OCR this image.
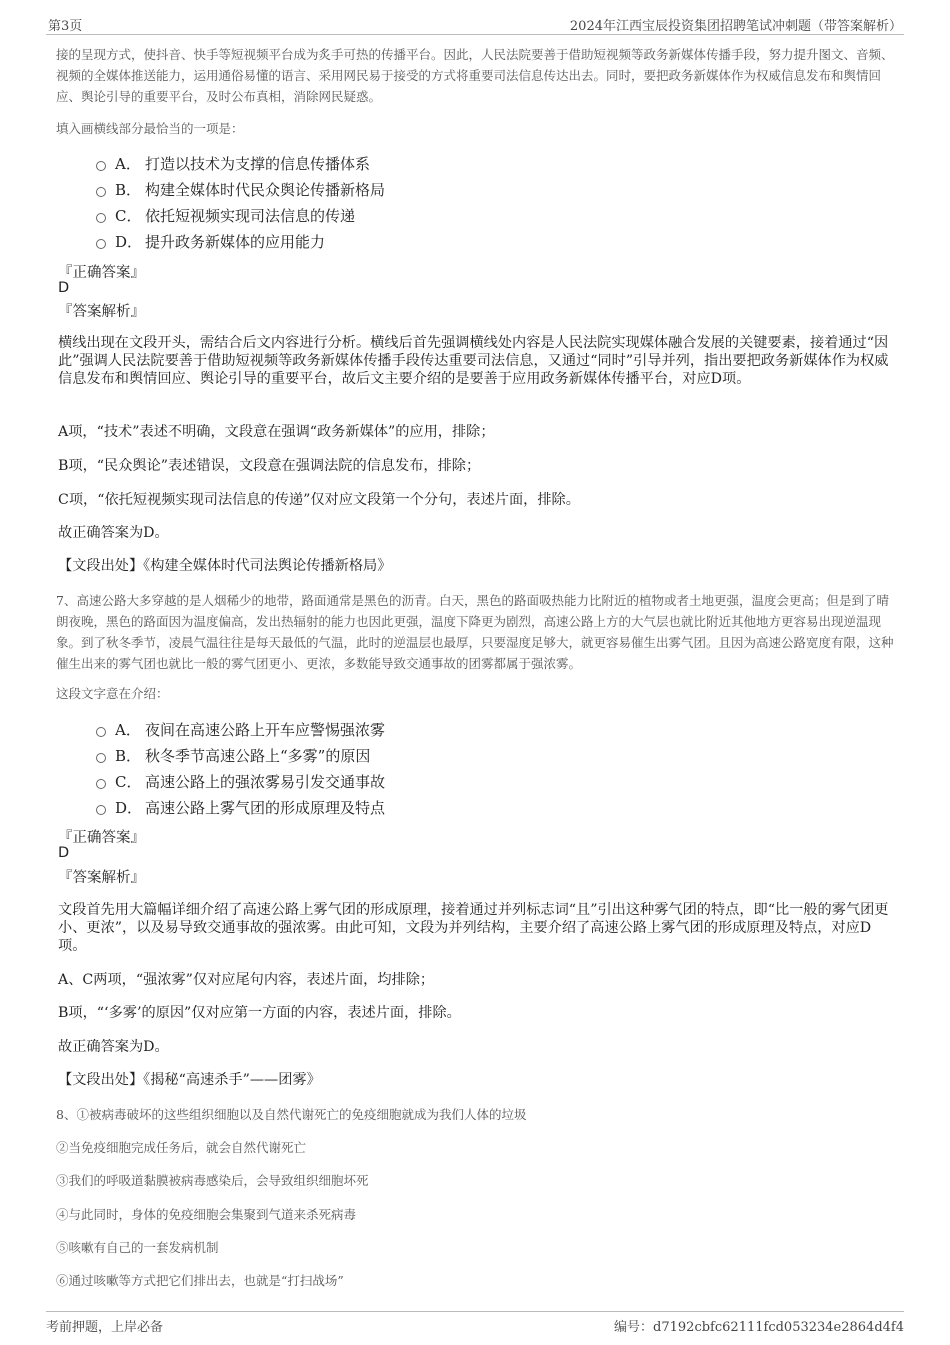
第3页	2024年江西宝辰投资集团招聘笔试冲刺题（带答案解析）
接的呈现方式，使抖音、快手等短视频平台成为炙手可热的传播平台。因此，人民法院要善于借助短视频等政务新媒体传播手段，努力提升图文、音频、视频的全媒体推送能力，运用通俗易懂的语言、采用网民易于接受的方式将重要司法信息传达出去。同时，要把政务新媒体作为权威信息发布和舆情回应、舆论引导的重要平台，及时公布真相，消除网民疑惑。
填入画横线部分最恰当的一项是：
A． 打造以技术为支撑的信息传播体系
B． 构建全媒体时代民众舆论传播新格局
C． 依托短视频实现司法信息的传递
D． 提升政务新媒体的应用能力
『正确答案』
D
『答案解析』
横线出现在文段开头，需结合后文内容进行分析。横线后首先强调横线处内容是人民法院实现媒体融合发展的关键要素，接着通过“因此”强调人民法院要善于借助短视频等政务新媒体传播手段传达重要司法信息，又通过“同时”引导并列，指出要把政务新媒体作为权威信息发布和舆情回应、舆论引导的重要平台，故后文主要介绍的是要善于应用政务新媒体传播平台，对应D项。
A项，“技术”表述不明确，文段意在强调“政务新媒体”的应用，排除；
B项，“民众舆论”表述错误，文段意在强调法院的信息发布，排除；
C项，“依托短视频实现司法信息的传递”仅对应文段第一个分句，表述片面，排除。
故正确答案为D。
【文段出处】《构建全媒体时代司法舆论传播新格局》
7、高速公路大多穿越的是人烟稀少的地带，路面通常是黑色的沥青。白天，黑色的路面吸热能力比附近的植物或者土地更强，温度会更高；但是到了晴朗夜晚，黑色的路面因为温度偏高，发出热辐射的能力也因此更强，温度下降更为剧烈，高速公路上方的大气层也就比附近其他地方更容易出现逆温现象。到了秋冬季节，凌晨气温往往是每天最低的气温，此时的逆温层也最厚，只要湿度足够大，就更容易催生出雾气团。且因为高速公路宽度有限，这种催生出来的雾气团也就比一般的雾气团更小、更浓，多数能导致交通事故的团雾都属于强浓雾。
这段文字意在介绍：
A． 夜间在高速公路上开车应警惕强浓雾
B． 秋冬季节高速公路上“多雾”的原因
C． 高速公路上的强浓雾易引发交通事故
D． 高速公路上雾气团的形成原理及特点
『正确答案』
D
『答案解析』
文段首先用大篇幅详细介绍了高速公路上雾气团的形成原理，接着通过并列标志词“且”引出这种雾气团的特点，即“比一般的雾气团更小、更浓”，以及易导致交通事故的强浓雾。由此可知，文段为并列结构，主要介绍了高速公路上雾气团的形成原理及特点，对应D项。
A、C两项，“强浓雾”仅对应尾句内容，表述片面，均排除；
B项，“‘多雾’的原因”仅对应第一方面的内容，表述片面，排除。
故正确答案为D。
【文段出处】《揭秘“高速杀手”——团雾》
8、①被病毒破坏的这些组织细胞以及自然代谢死亡的免疫细胞就成为我们人体的垃圾
②当免疫细胞完成任务后，就会自然代谢死亡
③我们的呼吸道黏膜被病毒感染后，会导致组织细胞坏死
④与此同时，身体的免疫细胞会集聚到气道来杀死病毒
⑤咳嗽有自己的一套发病机制
⑥通过咳嗽等方式把它们排出去，也就是“打扫战场”
考前押题，上岸必备	编号：d7192cbfc62111fcd053234e2864d4f4
